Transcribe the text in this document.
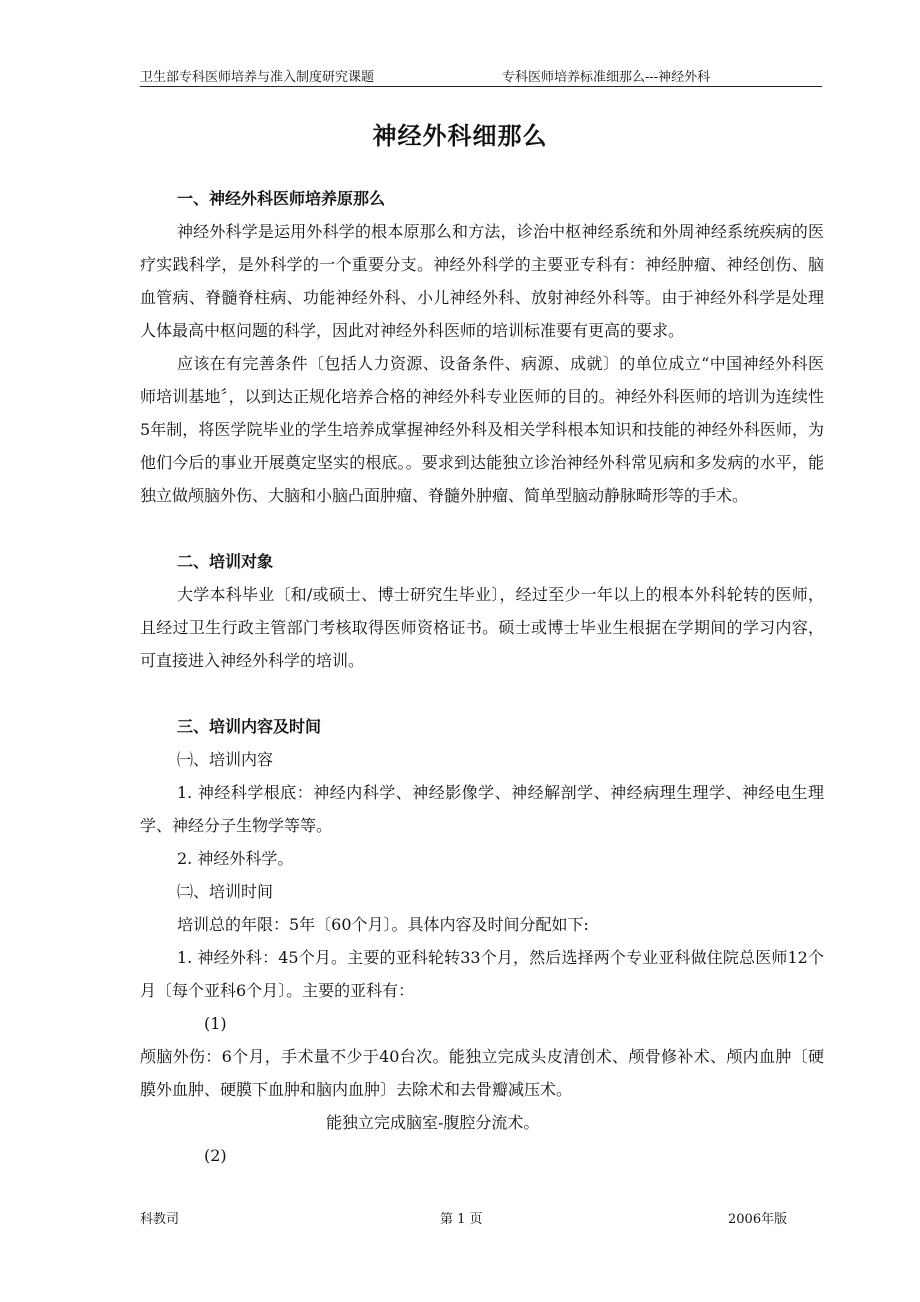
卫生部专科医师培养与准入制度研究课题	专科医师培养标准细那么---神经外科
神经外科细那么

一、神经外科医师培养原那么

神经外科学是运用外科学的根本原那么和方法，诊治中枢神经系统和外周神经系统疾病的医疗实践科学，是外科学的一个重要分支。神经外科学的主要亚专科有：神经肿瘤、神经创伤、脑血管病、脊髓脊柱病、功能神经外科、小儿神经外科、放射神经外科等。由于神经外科学是处理人体最高中枢问题的科学，因此对神经外科医师的培训标准要有更高的要求。

应该在有完善条件〔包括人力资源、设备条件、病源、成就〕的单位成立“中国神经外科医师培训基地〞，以到达正规化培养合格的神经外科专业医师的目的。神经外科医师的培训为连续性5年制，将医学院毕业的学生培养成掌握神经外科及相关学科根本知识和技能的神经外科医师，为他们今后的事业开展奠定坚实的根底。。要求到达能独立诊治神经外科常见病和多发病的水平，能独立做颅脑外伤、大脑和小脑凸面肿瘤、脊髓外肿瘤、简单型脑动静脉畸形等的手术。

二、培训对象

大学本科毕业〔和/或硕士、博士研究生毕业〕，经过至少一年以上的根本外科轮转的医师，且经过卫生行政主管部门考核取得医师资格证书。硕士或博士毕业生根据在学期间的学习内容，可直接进入神经外科学的培训。

三、培训内容及时间

㈠、培训内容

1. 神经科学根底：神经内科学、神经影像学、神经解剖学、神经病理生理学、神经电生理学、神经分子生物学等等。

2. 神经外科学。

㈡、培训时间

培训总的年限：5年〔60个月〕。具体内容及时间分配如下:

1. 神经外科：45个月。主要的亚科轮转33个月，然后选择两个专业亚科做住院总医师12个月〔每个亚科6个月〕。主要的亚科有：

(1)

颅脑外伤：6个月，手术量不少于40台次。能独立完成头皮清创术、颅骨修补术、颅内血肿〔硬膜外血肿、硬膜下血肿和脑内血肿〕去除术和去骨瓣减压术。

能独立完成脑室-腹腔分流术。

(2)

科教司	第 1 页	2006年版
